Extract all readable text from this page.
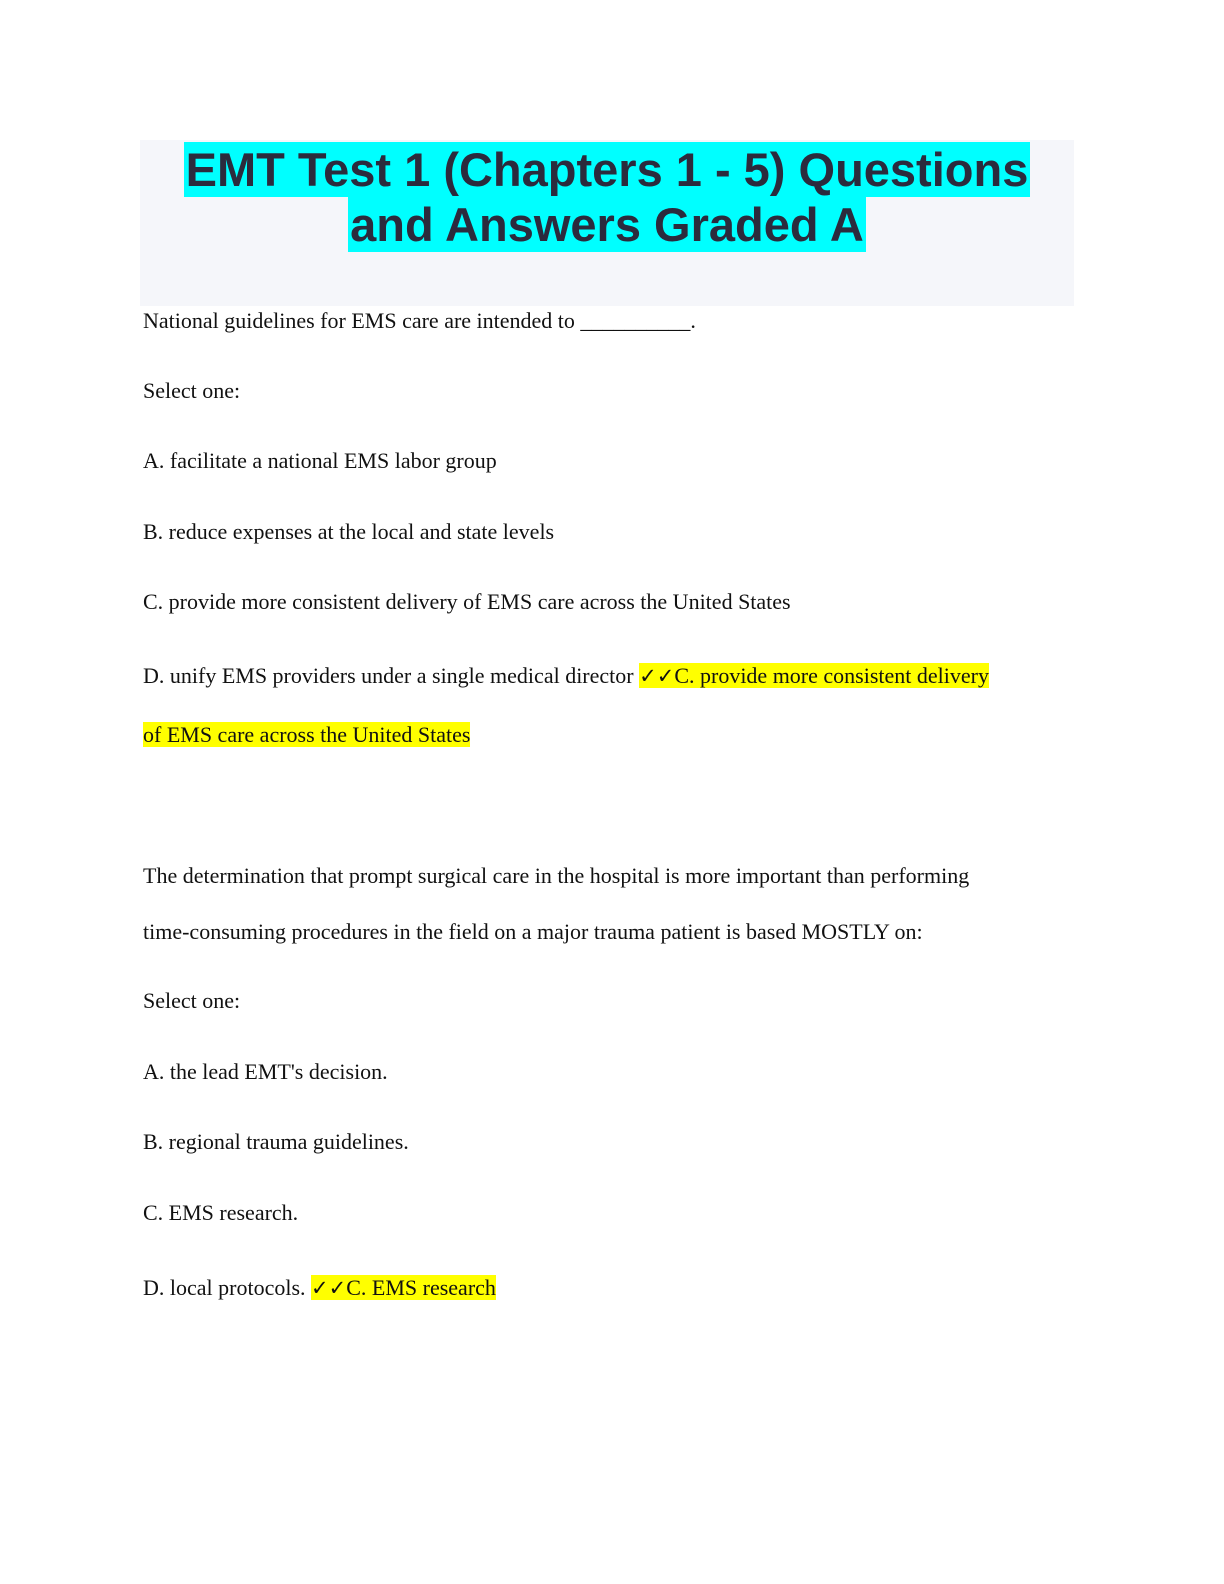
EMT Test 1 (Chapters 1 - 5) Questions
and Answers Graded A
National guidelines for EMS care are intended to __________.
Select one:
A. facilitate a national EMS labor group
B. reduce expenses at the local and state levels
C. provide more consistent delivery of EMS care across the United States
D. unify EMS providers under a single medical director ✓✓C. provide more consistent delivery
of EMS care across the United States
The determination that prompt surgical care in the hospital is more important than performing
time-consuming procedures in the field on a major trauma patient is based MOSTLY on:
Select one:
A. the lead EMT's decision.
B. regional trauma guidelines.
C. EMS research.
D. local protocols. ✓✓C. EMS research
